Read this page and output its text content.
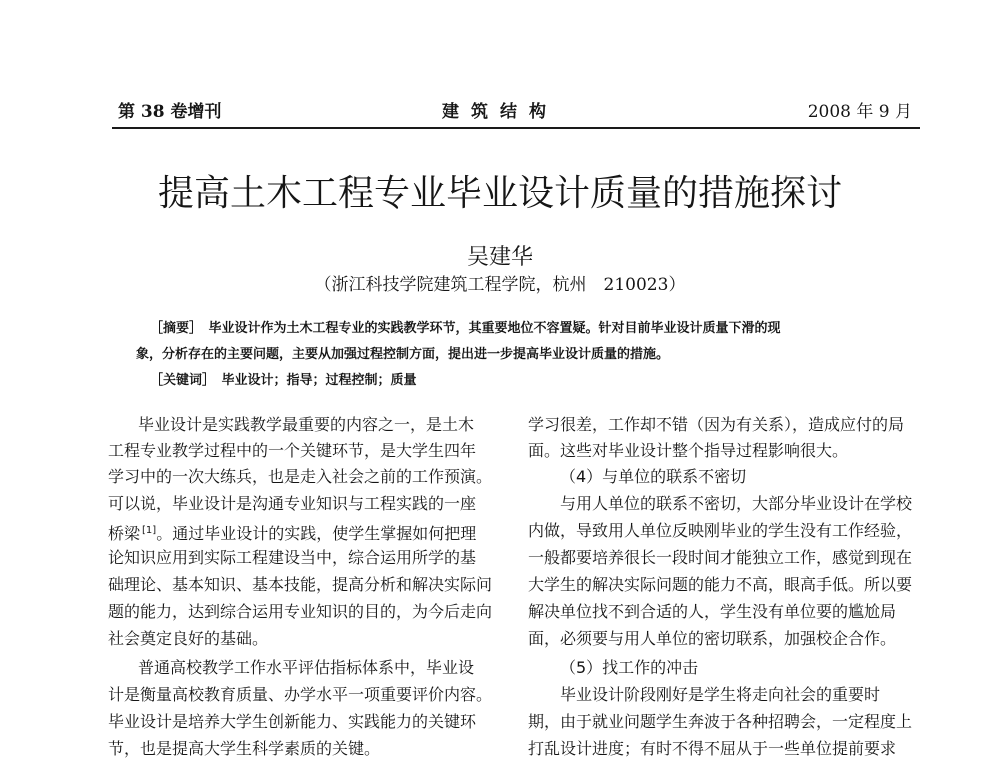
第 38 卷增刊	建筑结构	2008 年 9 月
提高土木工程专业毕业设计质量的措施探讨
吴建华
（浙江科技学院建筑工程学院，杭州　210023）
［摘要］　毕业设计作为土木工程专业的实践教学环节，其重要地位不容置疑。针对目前毕业设计质量下滑的现
象，分析存在的主要问题，主要从加强过程控制方面，提出进一步提高毕业设计质量的措施。
［关键词］　毕业设计；指导；过程控制；质量
毕业设计是实践教学最重要的内容之一，是土木
工程专业教学过程中的一个关键环节，是大学生四年
学习中的一次大练兵，也是走入社会之前的工作预演。
可以说，毕业设计是沟通专业知识与工程实践的一座
桥梁 [1]。通过毕业设计的实践，使学生掌握如何把理
论知识应用到实际工程建设当中，综合运用所学的基
础理论、基本知识、基本技能，提高分析和解决实际问
题的能力，达到综合运用专业知识的目的，为今后走向
社会奠定良好的基础。
普通高校教学工作水平评估指标体系中，毕业设
计是衡量高校教育质量、办学水平一项重要评价内容。
毕业设计是培养大学生创新能力、实践能力的关键环
节，也是提高大学生科学素质的关键。
学习很差，工作却不错（因为有关系），造成应付的局
面。这些对毕业设计整个指导过程影响很大。
（4）与单位的联系不密切
与用人单位的联系不密切，大部分毕业设计在学校
内做，导致用人单位反映刚毕业的学生没有工作经验，
一般都要培养很长一段时间才能独立工作，感觉到现在
大学生的解决实际问题的能力不高，眼高手低。所以要
解决单位找不到合适的人，学生没有单位要的尴尬局
面，必须要与用人单位的密切联系，加强校企合作。
（5）找工作的冲击
毕业设计阶段刚好是学生将走向社会的重要时
期，由于就业问题学生奔波于各种招聘会，一定程度上
打乱设计进度；有时不得不屈从于一些单位提前要求
